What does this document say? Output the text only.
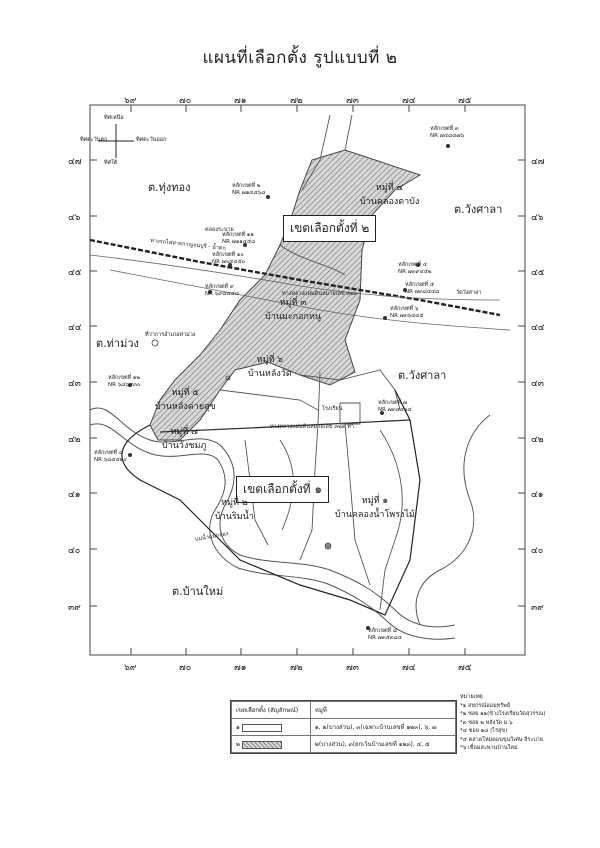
แผนที่เลือกตั้ง รูปแบบที่ ๒
๖๙	๗๐	๗๑	๗๒	๗๓	๗๔	๗๕
๖๙	๗๐	๗๑	๗๒	๗๓	๗๔	๗๕
๔๗
๔๖
๔๕
๔๔
๔๓
๔๒
๔๑
๔๐
๓๙
๔๗
๔๖
๔๕
๔๔
๔๓
๔๒
๔๑
๔๐
๓๙
ทิศเหนือ
ทิศใต้
ทิศตะวันตก	ทิศตะวันออก
เขตเลือกตั้งที่ ๒
เขตเลือกตั้งที่ ๑
ต.ทุ่งทอง
ต.วังศาลา
ต.วังศาลา
ต.ท่าม่วง
ต.บ้านใหม่
หมู่ที่ ๔
บ้านคลองตาบัง
หมู่ที่ ๓
บ้านมะกอกหนู
หมู่ที่ ๖
บ้านหลังวัด
หมู่ที่ ๕
บ้านหลังค่ายสุข
หมู่ที่ ๗
บ้านวังชมภู
หมู่ที่ ๒
บ้านริมน้ำ
หมู่ที่ ๑
บ้านคลองน้ำโพรงไม้
หลักเขตที่ ๓
NR ๗๔๘๔๗๖
หลักเขตที่ ๒
NR ๗๑๔๔๖๘
หลักเขตที่ ๑๑
NR ๗๑๑๔๕๘
หลักเขตที่ ๑๐
NR ๗๐๔๔๕๐
หลักเขตที่ ๙
NR ๖๙๘๔๔๘
หลักเขตที่ ๔
NR ๗๓๙๔๕๒
หลักเขตที่ ๕
NR ๗๓๘๔๔๘
หลักเขตที่ ๖
NR ๗๓๖๔๔๕
หลักเขตที่ ๑๒
NR ๖๘๖๔๓๐
หลักเขตที่ ๗
NR ๗๓๔๔๒๔
หลักเขตที่ ๘
NR ๖๘๔๔๒๐
หลักเขตที่ ๘
NR ๗๓๕๓๘๔
คลองระบาย
ทางรถไฟสายกาญจนบุรี - น้ำตก
แม่น้ำแม่กลอง
ทางหลวงแผ่นดินหมายเลข ๓๒๓ ทา
ทางหลวงแผ่นดินหมายเลข ๓๒๓
ที่ว่าการอำเภอท่าม่วง
โรงเรียน
วัดวังศาลา
เขตเลือกตั้ง (สัญลักษณ์)	หมู่ที่
๑	๑, ๒(บางส่วน), ๓(เฉพาะบ้านเลขที่ ๑๒๓), ๖, ๗
๒	๒(บางส่วน), ๓(ยกเว้นบ้านเลขที่ ๑๒๓), ๔, ๕
หมายเหตุ
*๑ สหกรณ์ออมทรัพย์
*๒ ซอย ๑๑(ข้างโรงเรียนวัดสุวรรณ)
*๓ ซอย ๒ หลังวัด ม.๖
*๔ ซอย ๑๘ (ไร่สุข)
*๕ ตลาดใหม่ดอนขุนวิเศษ จีระบาย
*๖ เชื่อมสะพานบ้านใหม่
